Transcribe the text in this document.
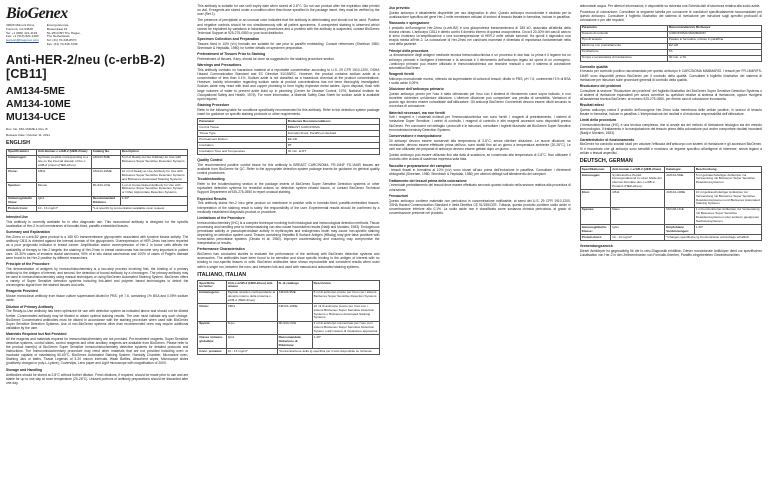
BioGenex
49026 Milmont Drive,
Fremont, CA 94538
Tel: +1 (800) 421-4149
Fax: +1 (510) 824-1490
support@biogenex.com
Emergo Europe,
Molenstraat 15
NL-2513 BH The Hague,
The Netherlands
Tel: (31) 70-345-8570
Fax: (31) 70-346-7299
Anti-HER-2/neu (c-erbB-2) [CB11]
AM134-5ME
AM134-10ME
MU134-UCE
Doc. No. 932-134ME-1 Rev. B
Release Date: October 11, 2011
ENGLISH
Specifications	Anti-Human c-erbB-2 (HER-2/neu)	Catalog No.	Description
Immunogen:	Synthetic peptide corresponding to a site on the internal domain of the c-erbB-2 protein (HER-2/neu)	AM134-5ME	5 ml of Ready-to-Use Antibody for Use with BioGenex Super Sensitive Detection Systems
Clone:	CB11	AM134-10ME	10 ml of Ready-to-Use Antibody for Use with BioGenex Super Sensitive Detection Systems and BioGenex Automated Staining Systems
Species:	Mouse	MU134-UCE	1 ml of Concentrated Antibody for Use with BioGenex Super Sensitive Detection System or Other Appropriate Detection Systems
Immunoglobulin Class:	IgG1	Recommended Dilutions	1:40*
Protein Conc:	10 - 13 mg/ml*	*Lot specific Ig concentration available upon request	
Intended Use

This antibody is currently available for in vitro diagnostic use. This monoclonal antibody is designed for the specific localization of Her-2 in cell membranes of formalin-fixed, paraffin-embedded tissues.

Summary and Explanation

Her-2/neu or c-erb-B2 gene product is a 185 KD transmembrane glycoprotein associated with tyrosine kinase activity. The antibody CB11 is directed against the internal domain of the glycoprotein. Overexpression of HER-2/neu has been reported as a poor prognostic indicator in breast cancer. Amplification and/or overexpression of Her-2 in tumor cells affects the availability of therapy to Her-2 targets; the staining of Her-2/neu in breast carcinomas has become very important in patient care. 15-30% cases of invasive ductal carcinoma, 90% of in situ ductal carcinomas and 100% of cases of Paget's disease were found to be Her-2 positive by different researchers.

Principle of the Procedure

The demonstration of antigens by immunohistochemistry is a two-step process involving first, the binding of a primary antibody to the antigen of interest, and second, the detection of bound antibody by a chromogen. The primary antibody may be used in immunohistochemistry using manual techniques or using BioGenex Automated Staining System. BioGenex offers a variety of Super Sensitive detection systems including link-label and polymer based technologies to detect the chromogenic signal from the stained tissues and cells.

Reagents Provided

Mouse monoclonal antibody from tissue culture supernatant diluted in PBS, pH 7.6, containing 1% BSA and 0.09% sodium azide.

Dilution of Primary Antibody

The Ready-to-Use antibody has been optimized for use with detection system as indicated above and should not be diluted further. Concentrated antibody may be titrated to obtain optimal staining results. The user must validate any such change. BioGenex Concentrated antibodies must be diluted in accordance with the staining procedure when used with BioGenex Super Sensitive Detection Systems. Use of non-BioGenex systems other than recommended ones may require additional validation by the user.

Materials Required but Not Provided

All the reagents and materials required for immunohistochemistry are not provided. Pre-treatment reagents, Super Sensitive detection systems, control slides, control reagents and other ancillary reagents are available from BioGenex. Please refer to the product insert(s) of BioGenex Super Sensitive Immunohistochemistry detection systems for detailed protocols and instructions. The immunohistochemistry procedure may need other materials that are not provided including oven or incubator capable of maintaining 50-60°C, BioGenex Automated Staining System, Humidity Chamber, Microwave oven, Staining Jars or baths, Tissue Legends of 3-20 micron intervals, Wash Bottles, Absorbent wipes, Microscope slides (positively charged or poly-L-Lysine), Coverslips, Lens paper and Light microscope with magnification of 200X.

Storage and Handling

Antibodies should be stored at 2-8°C without further dilution. Fresh dilutions, if required, should be made prior to use and are stable for up to one day at room temperature (20-26°C). Unused portions of antibody preparations should be discarded after one day.

This antibody is suitable for use until expiry date when stored at 2-8°C. Do not use product after the expiration date printed on vial. If reagents are stored under a condition other than those specified in the package insert, they must be verified by the user (Ref 1).

The presence of precipitate or an unusual color indicates that the antibody is deteriorating and should not be used. Positive and negative controls should be run simultaneously with all patient specimens. If unexpected staining is observed which cannot be explained by variations in laboratory procedures and a problem with the antibody is suspected, contact BioGenex Technical Support at 925-275-0550 or your local distributor.

Specimen Collection and Preparation

Tissues fixed in 10% (v/v) formalin are suitable for use prior to paraffin embedding. Consult references (Sheehan 1980; Shenbach & Heptalak, 1980) for further details on specimen preparation.

Pretreatment of Tissues Prior to Staining

Pretreatment of tissues, if any, should be done as suggested in the staining procedure section.

Warnings and Precautions

This antibody contains no hazardous material at a reportable concentration according to U.S. 29 CFR 1910.1200, OSHA Hazard Communication Standard and EC Directive 91/155/EC. However, the product contains sodium azide at a concentration of less than 0.1%. Sodium azide is not classified as a hazardous chemical at the product concentrations. However, toxicity information regarding sodium azide at product concentrations has not been thoroughly investigated. Sodium azide may react with lead and copper plumbing to form highly explosive metal azides. Upon disposal, flush with large volumes of water to prevent azide build up in plumbing (Center for Disease Control, 1976, National Institute for Occupational Safety and Health, 1976). For more information, a Material Safety Data Sheet for sodium azide is available upon request.

Staining Procedure

Refer to the following table for conditions specifically recommended for this antibody. Refer to the detection system package insert for guidance on specific staining protocols or other requirements.

Parameter	BioGenex Recommendations
Control Tissue	BREAST CARCINOMA
Tissue Type	Formalin Fixed, Paraffin-embedded
Pretreatment Elution	EZ-AR
Incubation	RT
Incubation Time and Temperature	30 min. at RT
Quality Control

The recommended positive control tissue for this antibody is BREAST CARCINOMA. FR-1M4F FS-1M4R tissues are available from BioGenex for QC. Refer to the appropriate detection system package inserts for guidance on general quality control procedures.

Troubleshooting

Refer to the troubleshooting section in the package inserts of BioGenex Super Sensitive Detection systems or other equivalent detection systems for remedial actions on detection system related issues, or contact BioGenex Technical Support Department at 925-275-0550 to report unusual staining.

Expected Results

This antibody stains Her-2 /neu gene product on membrane in positive cells in formalin-fixed, paraffin-embedded tissues. Interpretation of the staining result is solely the responsibility of the user. Experimental results should be confirmed by a medically established diagnostic product or procedure.

Limitations of the Procedure

Immunohistochemistry (IHC) is a complex technique involving both histological and immunological detection methods. Tissue processing and handling prior to immunostaining can also cause inconsistent results (Nadji and Morales, 1983). Endogenous peroxidase activity or pseudoperoxidase activity in erythrocytes and endogenous biotin may cause non-specific staining depending on detection system used. Tissues containing Hepatitis B Surface Antigen (HBsAg) may give false positives with horseradish peroxidase systems (Omata et al, 1980). Improper counterstaining and mounting may compromise the interpretation of results.

Performance Characteristics

BioGenex has conducted studies to evaluate the performance of the antibody with BioGenex detection systems and accessories. The antibodies have been found to be sensitive and show specific binding to the antigen of interest with no binding to non-specific tissues or cells. BioGenex antibodies have shown reproducible and consistent results when used within a single run, between the runs, and between lots and used with manual and automated staining systems.

ITALIANO, ITALIAN
Specifiche tecniche:	Anti-c-erbB-2 (HER-2/neu) anti-umano	N. di catalogo	Descrizione
Immunogeno:	Peptide sintetico corrispondente al dominio interno della proteina c-erbB-2 (HER-2/neu)	AM134-5ME	5 ml di anticorpo pronto per l'uso con i sistemi BioGenex Super Sensitive Detection Systems
Clone:	CB11	AM134-10ME	10 ml di anticorpo pronto per l'uso con i sistemi BioGenex Super Sensitive Detection Systems e BioGenex Automated Staining Systems
Specie:	Topo	MU134-UCE	1 ml di anticorpo concentrato per l'uso con i sistemi BioGenex Super Sensitive Detection System o altri sistemi di rivelazione appropriati
Classe immuno-globulina:	IgG1	Raccomandata titolazione di Diluizione:	1:40*
Conc. proteina:	10 - 13 mg/ml*	*Concentrazione della Ig specifica per il lotto disponibile su richiesta	
Uso previsto

Questo anticorpo è attualmente disponibile per uso diagnostico in vitro. Questo anticorpo monoclonale è studiato per la localizzazione specifica del gene Her-2 nelle membrane cellulari di sezioni di tessuto fissate in formalina, incluse in paraffina.

Riassunto e spiegazione

Il prodotto dell'oncogene Her-2/neu (c-erb-B2) è una glicoproteina transmembrana di 185 kD, associata all'attività della tirosina chinasi. L'anticorpo CB11 è diretto contro il dominio interno di questa oncoproteina. Circa il 20-30% dei casi di cancro al seno mostrano un'amplificazione o una sovraespressione di HER-2 nelle cellule tumorali. Ha quindi il dignostico una terapia mirata all'Her-2. La colorazione di Her-2/neu nei carcinomi mammari è diventata di importanza fondamentale nella cura della paziente.

Principi della procedura

La dimostrazione degli antigeni mediante tecnica immunoistochimica è un processo in due fasi: la prima è il legame tra un anticorpo primario e l'antigene d'interesse e la seconda è il rilevamento dell'anticorpo legato ad opera di un cromogeno. L'anticorpo primario può essere utilizzato in immunoistochimica con tecniche manuali o con il sistema di colorazione automatica BioGenex.

Reagenti forniti

Anticorpo monoclonale murino, ottenuto da supernatante di coltura di tessuti, diluito in PBS, pH 7.6, contenente l'1% di BSA e sodio azide 0,09%.

Diluizione dell'anticorpo primario

Questo anticorpo pronto per l'uso è stato ottimizzato per l'uso con il sistema di rilevamento come sopra indicato, e non dovrebbe richiedere un'ulteriore diluizione. L'ulteriore diluizione può comportare una perdita di sensibilità. Variazioni di quanto rigo devono essere convalidate dall'utilizzatore. Gli anticorpi BioGenex Concentrati devono essere diluiti secondo la procedura di colorazione.

Materiali necessari, ma non forniti

Tutti i reagenti e i materiali richiesti per l'immunoistochimica non sono forniti. I reagenti di pretrattamento, i sistemi di rivelazione Super Sensitive, i vetrini di controllo, i reagenti di controllo e altri reagenti accessori sono disponibili presso BioGenex. Per conoscere nel dettaglio i protocolli e le istruzioni, consultare i foglietti illustrativi dei BioGenex Super Sensitive Immunohistochemistry Detection Systems.

Conservazione e manipolazione

Gli anticorpi devono essere conservati alla temperatura di 2-8°C, senza ulteriore diluizione. Le nuove diluizioni, se necessarie, devono essere effettuate prima dell'uso, sono stabili fino ad un giorno a temperatura ambiente (20-26°C). Le parti non utilizzate dei preparati di anticorpo devono essere gettate dopo un giorno.

Questo anticorpo può essere utilizzato fino alla data di scadenza, se conservato alla temperatura di 2-8°C. Non utilizzare il prodotto oltre la data di scadenza impressa sulla fiala.

Raccolta e preparazione dei campioni

I tessuti fissati in formalina al 10% (v/v) sono idonei all'uso prima dell'inclusione in paraffina. Consultare i riferimenti bibliografici (Sheehan, 1980; Shenbach & Heptalak, 1980) per ulteriori dettagli sull'allestimento dei campioni.

Trattamento dei tessuti prima della colorazione

L'eventuale pretrattamento dei tessuti deve essere effettuato secondo quanto indicato nella sezione relativa alla procedura di colorazione.

Precauzioni

Questo anticorpo contiene materiale non pericoloso in concentrazione notificabile, ai sensi del U.S. 29 CFR 1910.1200, OSHA Hazard Communication Standard e della Direttiva CE 91/155/CEE. Tuttavia, questo prodotto contiene sodio azide in concentrazione inferiore allo 0,1%. La sodio azide non è classificata come sostanza chimica pericolosa, al grado di concentrazione presente nel prodotto.

abbondanti acqua. Per ulteriori informazioni, è disponibile su richiesta una Scheda dati di sicurezza relativa alla sodio azide.

Procedura di colorazione: Consultare la seguente tabella per conoscere le condizioni specificatamente raccomandate per questo anticorpo. Consultare il foglietto illustrativo del sistema di rivelazione per istruzioni sugli specifici protocolli di colorazione o per altri requisiti.

Parametro	Raccomandazioni BioGenex
Tessuto di controllo	CARCINOMA MAMMARIO
Tipo di tessuto	Fissato in formalina, incluso in paraffina
Eluizione con pretrattamento	EZ-AR
Incubazione	TA
Tempo e temperatura di incubazione	30 min. a TA
Controllo qualità

Il tessuto per controllo positivo raccomandato per questo anticorpo è CARCINOMA MAMMARIO. I tessuti per FR-1M4R/FS-1M4R sono disponibili presso BioGenex per il controllo della qualità. Consultare il foglietto illustrativo del sistema di rivelazione per istruzioni sulle procedure generali di controllo della qualità.

Risoluzione dei problemi

Consultare la sezione "Risoluzione dei problemi" del foglietto illustrativo dei BioGenex Super Sensitive Detection Systems o di sistemi di rivelazione equivalenti per azioni correttive su questioni relative al sistema di rivelazione, oppure rivolgersi all'assistenza tecnica BioGenex, al numero 925-275-0550, per riferire casi di colorazione inconsueta.

Risultati attesi

Questo anticorpo colora il prodotto dell'oncogene Her-2/neu sulla membrana delle cellule positive, in sezioni di tessuto fissate in formalina, incluse in paraffina. L'interpretazione dei risultati è di esclusiva responsabilità dell'utilizzatore.

Limiti della procedura

L'immunoistochimica (IHC) è una tecnica complessa, che si avvale sia del metodo di rivelazione istologico sia del metodo immunologico. Il trattamento e la manipolazione del tessuto prima della colorazione può anche comportare risultati incostanti (Nadji e Morales, 1983).

Caratteristiche di funzionamento

BioGenex ha condotto svariati studi per valutare l'efficacia dell'anticorpo con sistemi di rivelazione e gli accessori BioGenex. Si è riscontrato che gli anticorpi sono sensibili e mostrano un legame specifico all'antigene di interesse, senza legami a cellule o tessuti aspecifici.

DEUTSCH, GERMAN
Spezifikationen	Anti-human c-erbB-2 (HER-2/neu)	Katalognr.	Beschreibung
Immunogen:	Synthetisches Peptid, korrespondierend zu einer Stelle der internen Domäne des c-erbB-2-Proteins (HER-2/neu)	AM134-5ME	5 ml gebrauchsfertiger Antikörper zur Verwendung mit BioGenex Super Sensitive Detektionssystemen
Klon:	CB11	AM134-10ME	10 ml gebrauchsfertiger Antikörper zur Verwendung mit BioGenex Super Sensitive Detektionssystemen und BioGenex Automated Staining Systems
Spezies:	Maus	MU134-UCE	1 ml konzentrierter Antikörper zur Verwendung mit BioGenex Super Sensitive Detektionssystemen oder anderen geeigneten Nachweissystemen
Immunoglobulin-Klasse:	IgG1	Empfohlene Verdünnungen:	1:40*
Protein-Konz:	10 - 13 mg/ml*	*Chargen-spezifische Ig-Konzentration auf Anfrage erhältlich	
Verwendungszweck

Dieser Antikörper ist gegenwärtig für die In-vitro-Diagnostik erhältlich. Dieser monoklonale Antikörper dient zur spezifischen Lokalisation von Her-2 in den Zellmembranen von Formalin-fixierten, Paraffin-eingebetteten Gewebeschnitten.
